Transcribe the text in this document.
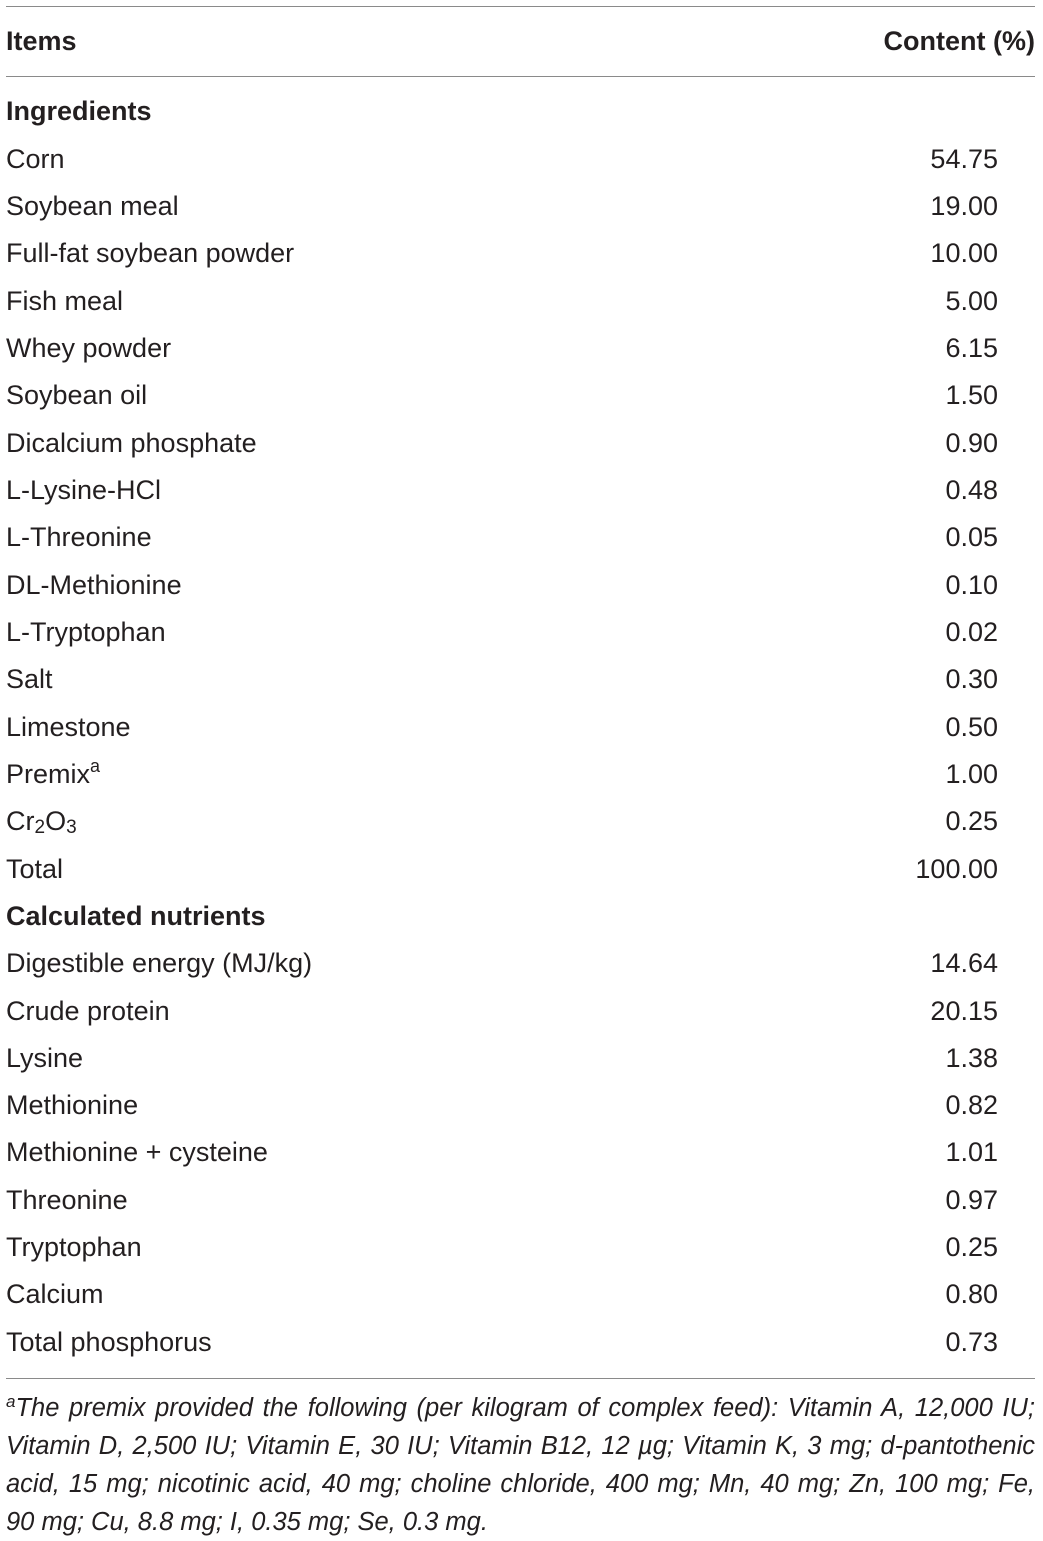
Items	Content (%)
Ingredients
Corn	54.75
Soybean meal	19.00
Full-fat soybean powder	10.00
Fish meal	5.00
Whey powder	6.15
Soybean oil	1.50
Dicalcium phosphate	0.90
L-Lysine-HCl	0.48
L-Threonine	0.05
DL-Methionine	0.10
L-Tryptophan	0.02
Salt	0.30
Limestone	0.50
Premix$^a$	1.00
$Cr_2O_3$	0.25
Total	100.00
Calculated nutrients
Digestible energy (MJ/kg)	14.64
Crude protein	20.15
Lysine	1.38
Methionine	0.82
Methionine + cysteine	1.01
Threonine	0.97
Tryptophan	0.25
Calcium	0.80
Total phosphorus	0.73
$^a$The premix provided the following (per kilogram of complex feed): Vitamin A, 12,000 IU; Vitamin D, 2,500 IU; Vitamin E, 30 IU; Vitamin B12, 12 µg; Vitamin K, 3 mg; d-pantothenic acid, 15 mg; nicotinic acid, 40 mg; choline chloride, 400 mg; Mn, 40 mg; Zn, 100 mg; Fe, 90 mg; Cu, 8.8 mg; I, 0.35 mg; Se, 0.3 mg.
